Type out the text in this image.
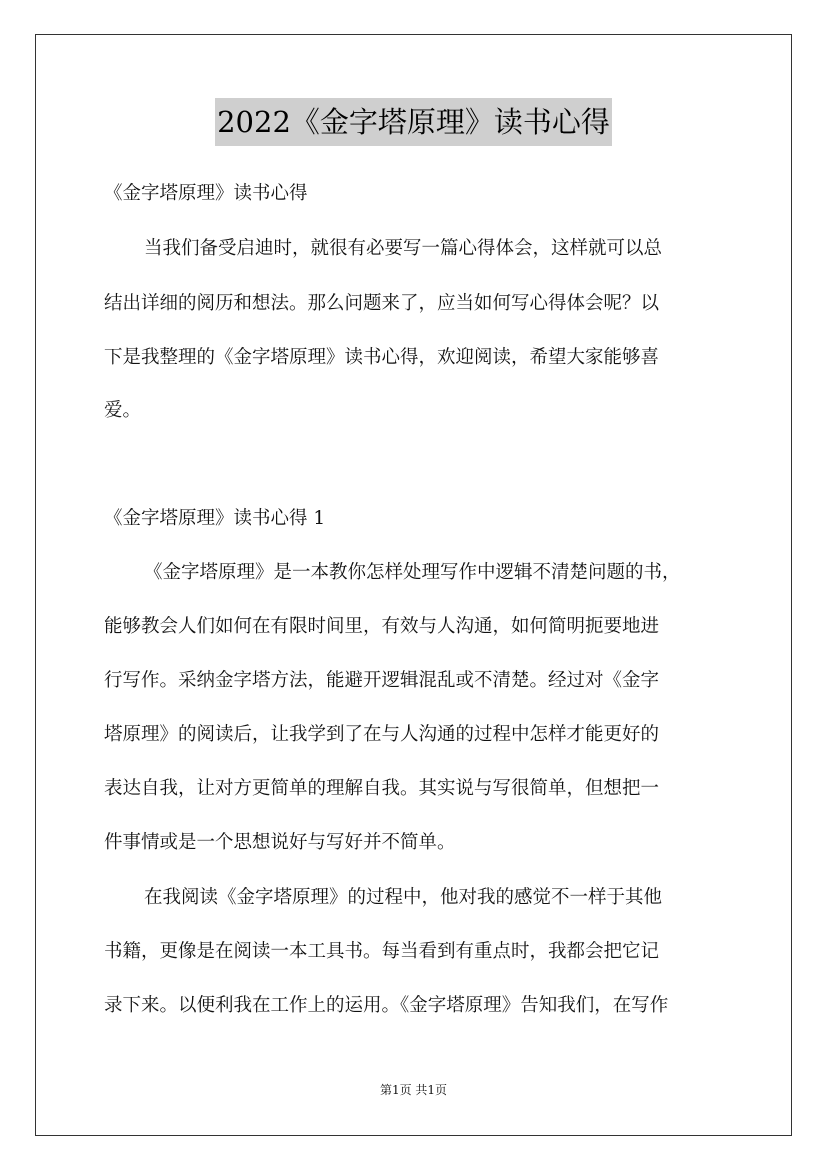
2022《金字塔原理》读书心得
《金字塔原理》读书心得
当我们备受启迪时，就很有必要写一篇心得体会，这样就可以总
结出详细的阅历和想法。那么问题来了，应当如何写心得体会呢？以
下是我整理的《金字塔原理》读书心得，欢迎阅读，希望大家能够喜
爱。
《金字塔原理》读书心得 1
《金字塔原理》是一本教你怎样处理写作中逻辑不清楚问题的书，
能够教会人们如何在有限时间里，有效与人沟通，如何简明扼要地进
行写作。采纳金字塔方法，能避开逻辑混乱或不清楚。经过对《金字
塔原理》的阅读后，让我学到了在与人沟通的过程中怎样才能更好的
表达自我，让对方更简单的理解自我。其实说与写很简单，但想把一
件事情或是一个思想说好与写好并不简单。
在我阅读《金字塔原理》的过程中，他对我的感觉不一样于其他
书籍，更像是在阅读一本工具书。每当看到有重点时，我都会把它记
录下来。以便利我在工作上的运用。《金字塔原理》告知我们，在写作
第1页 共1页
